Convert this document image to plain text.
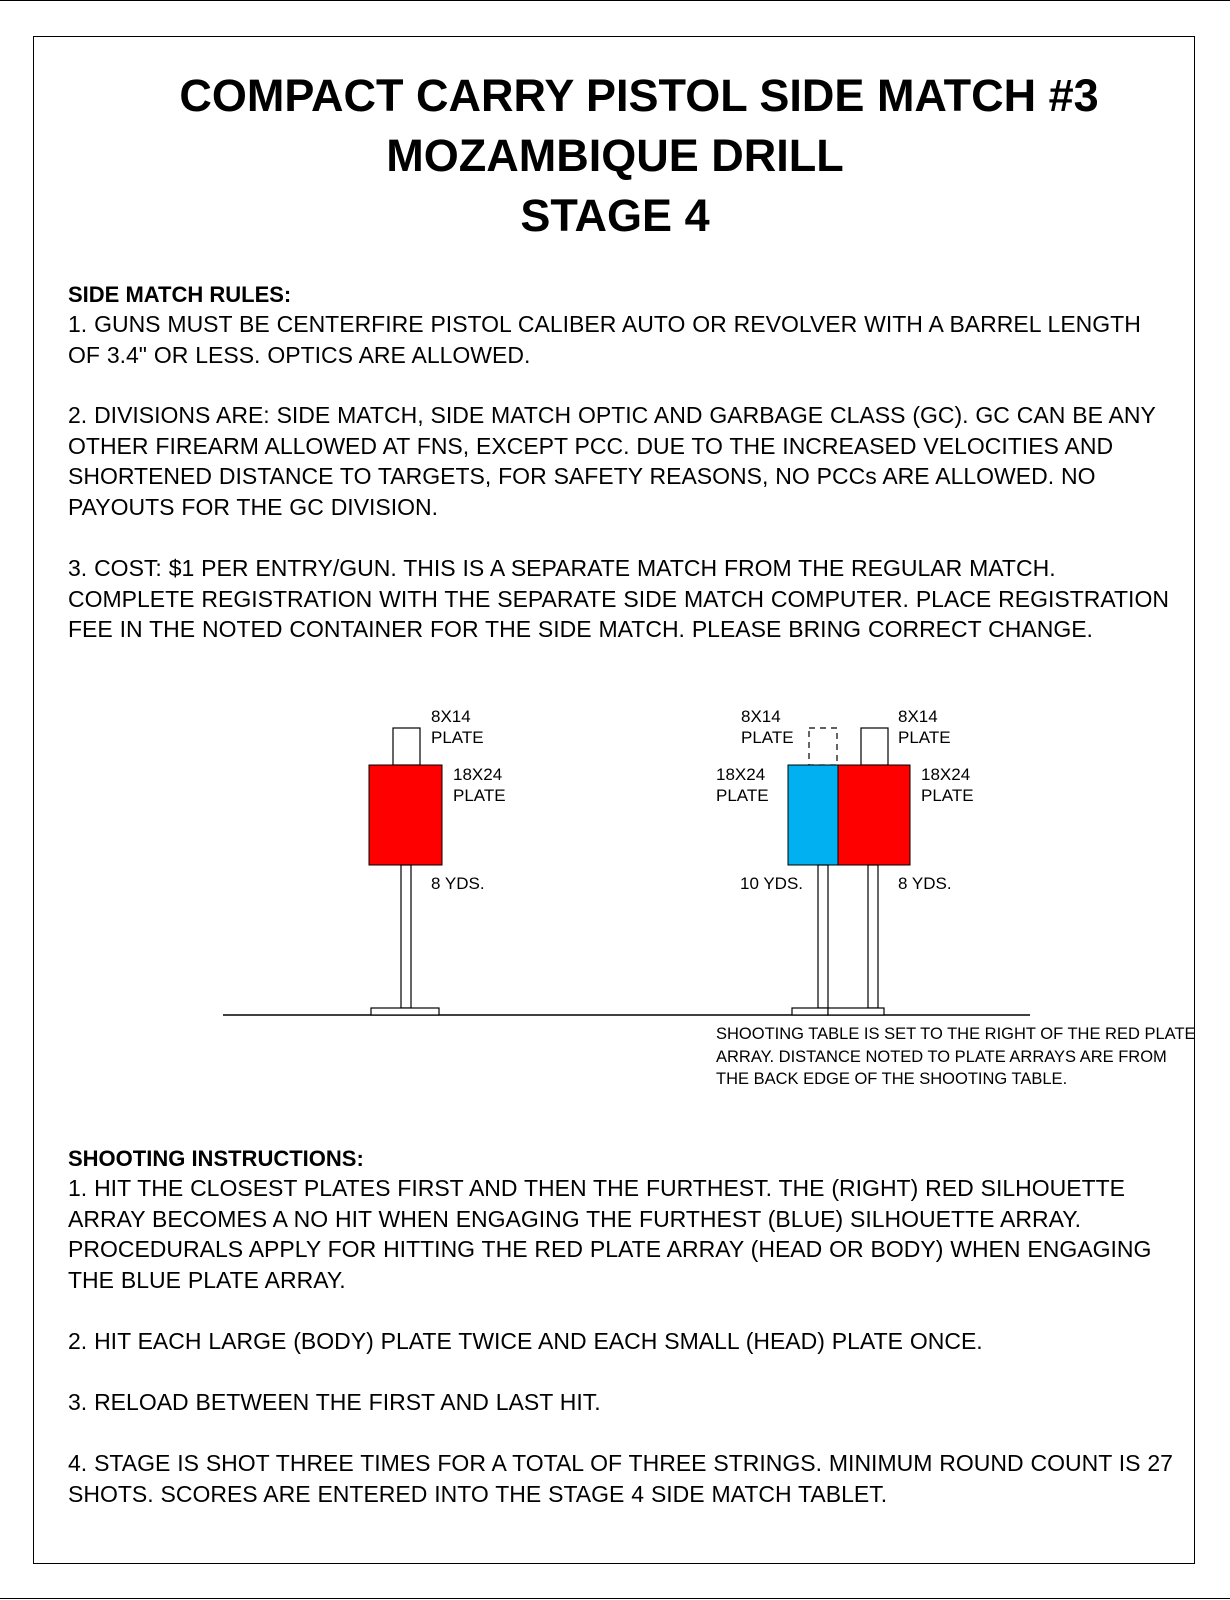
COMPACT CARRY PISTOL SIDE MATCH #3
MOZAMBIQUE DRILL
STAGE 4
SIDE MATCH RULES:

1. GUNS MUST BE CENTERFIRE PISTOL CALIBER AUTO OR REVOLVER WITH A BARREL LENGTH OF 3.4" OR LESS. OPTICS ARE ALLOWED.

2. DIVISIONS ARE: SIDE MATCH, SIDE MATCH OPTIC AND GARBAGE CLASS (GC). GC CAN BE ANY OTHER FIREARM ALLOWED AT FNS, EXCEPT PCC. DUE TO THE INCREASED VELOCITIES AND SHORTENED DISTANCE TO TARGETS, FOR SAFETY REASONS, NO PCCs ARE ALLOWED. NO PAYOUTS FOR THE GC DIVISION.

3. COST: $1 PER ENTRY/GUN. THIS IS A SEPARATE MATCH FROM THE REGULAR MATCH. COMPLETE REGISTRATION WITH THE SEPARATE SIDE MATCH COMPUTER. PLACE REGISTRATION FEE IN THE NOTED CONTAINER FOR THE SIDE MATCH. PLEASE BRING CORRECT CHANGE.

8X14
PLATE
18X24
PLATE
8 YDS.
8X14
PLATE
18X24
PLATE
10 YDS.
8X14
PLATE
18X24
PLATE
8 YDS.

SHOOTING TABLE IS SET TO THE RIGHT OF THE RED PLATE ARRAY. DISTANCE NOTED TO PLATE ARRAYS ARE FROM THE BACK EDGE OF THE SHOOTING TABLE.

SHOOTING INSTRUCTIONS:

1. HIT THE CLOSEST PLATES FIRST AND THEN THE FURTHEST. THE (RIGHT) RED SILHOUETTE ARRAY BECOMES A NO HIT WHEN ENGAGING THE FURTHEST (BLUE) SILHOUETTE ARRAY. PROCEDURALS APPLY FOR HITTING THE RED PLATE ARRAY (HEAD OR BODY) WHEN ENGAGING THE BLUE PLATE ARRAY.

2. HIT EACH LARGE (BODY) PLATE TWICE AND EACH SMALL (HEAD) PLATE ONCE.

3. RELOAD BETWEEN THE FIRST AND LAST HIT.

4. STAGE IS SHOT THREE TIMES FOR A TOTAL OF THREE STRINGS. MINIMUM ROUND COUNT IS 27 SHOTS. SCORES ARE ENTERED INTO THE STAGE 4 SIDE MATCH TABLET.
